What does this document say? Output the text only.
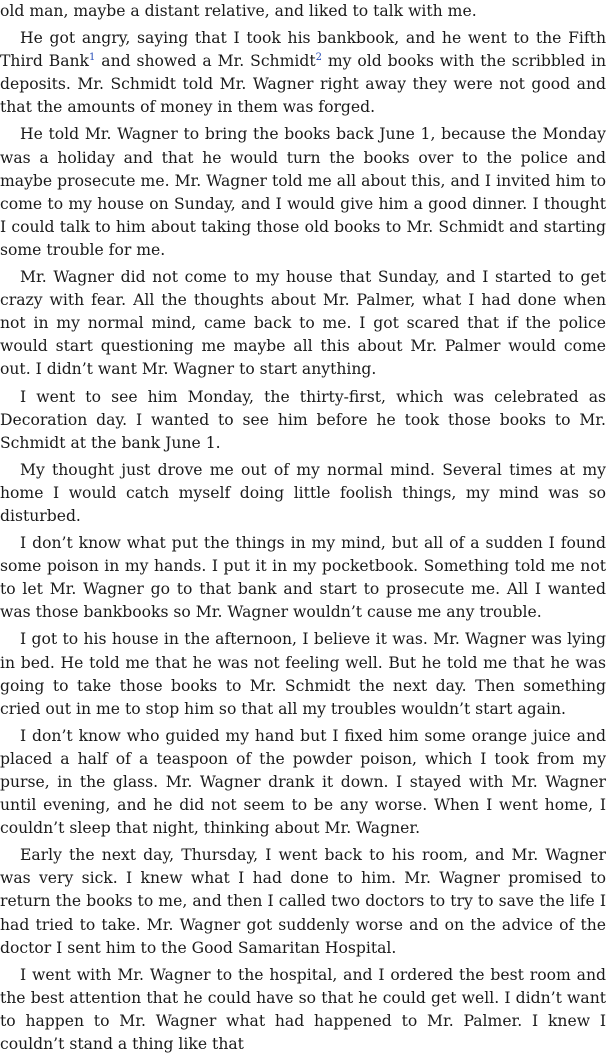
old man, maybe a distant relative, and liked to talk with me.

He got angry, saying that I took his bankbook, and he went to the Fifth Third Bank$^1$ and showed a Mr. Schmidt$^2$ my old books with the scribbled in deposits. Mr. Schmidt told Mr. Wagner right away they were not good and that the amounts of money in them was forged.

He told Mr. Wagner to bring the books back June 1, because the Monday was a holiday and that he would turn the books over to the police and maybe prosecute me. Mr. Wagner told me all about this, and I invited him to come to my house on Sunday, and I would give him a good dinner. I thought I could talk to him about taking those old books to Mr. Schmidt and starting some trouble for me.

Mr. Wagner did not come to my house that Sunday, and I started to get crazy with fear. All the thoughts about Mr. Palmer, what I had done when not in my normal mind, came back to me. I got scared that if the police would start questioning me maybe all this about Mr. Palmer would come out. I didn’t want Mr. Wagner to start anything.

I went to see him Monday, the thirty-first, which was celebrated as Decoration day. I wanted to see him before he took those books to Mr. Schmidt at the bank June 1.

My thought just drove me out of my normal mind. Several times at my home I would catch myself doing little foolish things, my mind was so disturbed.

I don’t know what put the things in my mind, but all of a sudden I found some poison in my hands. I put it in my pocketbook. Something told me not to let Mr. Wagner go to that bank and start to prosecute me. All I wanted was those bankbooks so Mr. Wagner wouldn’t cause me any trouble.

I got to his house in the afternoon, I believe it was. Mr. Wagner was lying in bed. He told me that he was not feeling well. But he told me that he was going to take those books to Mr. Schmidt the next day. Then something cried out in me to stop him so that all my troubles wouldn’t start again.

I don’t know who guided my hand but I fixed him some orange juice and placed a half of a teaspoon of the powder poison, which I took from my purse, in the glass. Mr. Wagner drank it down. I stayed with Mr. Wagner until evening, and he did not seem to be any worse. When I went home, I couldn’t sleep that night, thinking about Mr. Wagner.

Early the next day, Thursday, I went back to his room, and Mr. Wagner was very sick. I knew what I had done to him. Mr. Wagner promised to return the books to me, and then I called two doctors to try to save the life I had tried to take. Mr. Wagner got suddenly worse and on the advice of the doctor I sent him to the Good Samaritan Hospital.

I went with Mr. Wagner to the hospital, and I ordered the best room and the best attention that he could have so that he could get well. I didn’t want to happen to Mr. Wagner what had happened to Mr. Palmer. I knew I couldn’t stand a thing like that
